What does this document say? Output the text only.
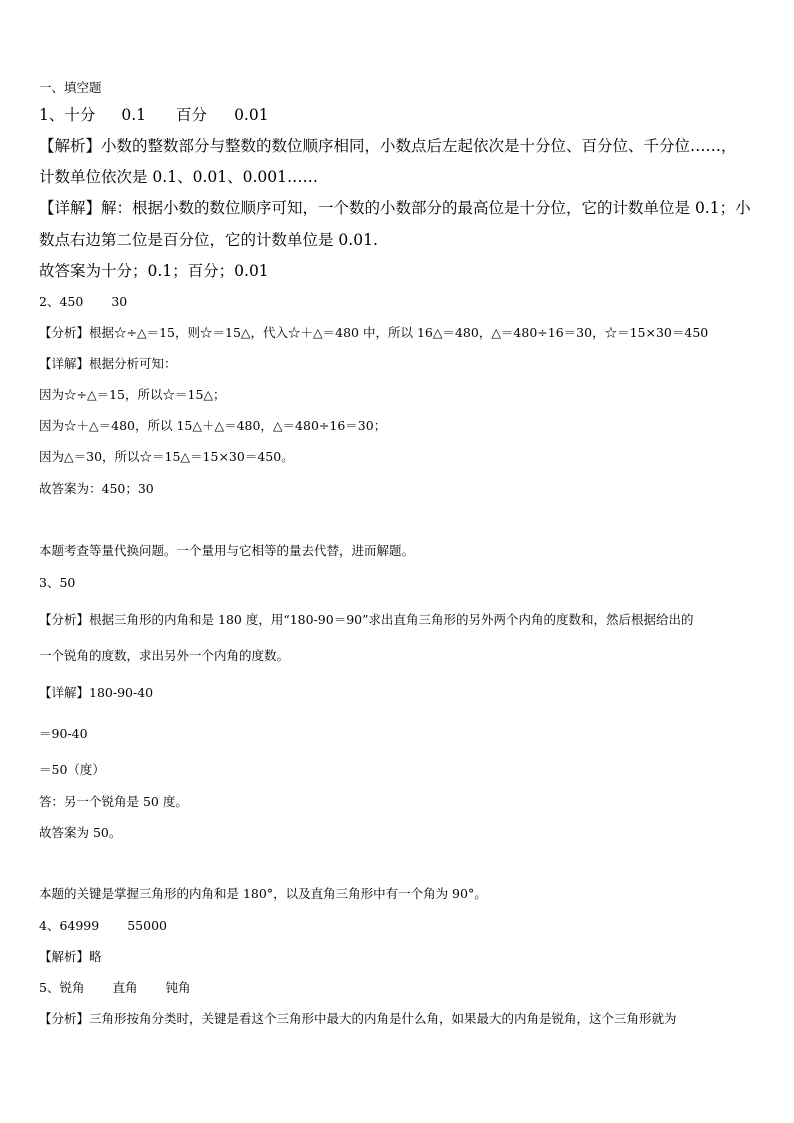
一、填空题
1、十分 0.1 百分 0.01
【解析】小数的整数部分与整数的数位顺序相同，小数点后左起依次是十分位、百分位、千分位……，
计数单位依次是 0.1、0.01、0.001……
【详解】解：根据小数的数位顺序可知，一个数的小数部分的最高位是十分位，它的计数单位是 0.1；小
数点右边第二位是百分位，它的计数单位是 0.01.
故答案为十分；0.1；百分；0.01
2、450 30
【分析】根据☆÷△＝15，则☆＝15△，代入☆＋△＝480 中，所以 16△＝480，△＝480÷16＝30，☆＝15×30＝450
【详解】根据分析可知：
因为☆÷△＝15，所以☆＝15△；
因为☆＋△＝480，所以 15△＋△＝480，△＝480÷16＝30；
因为△＝30，所以☆＝15△＝15×30＝450。
故答案为：450；30
本题考查等量代换问题。一个量用与它相等的量去代替，进而解题。
3、50
【分析】根据三角形的内角和是 180 度，用“180-90＝90”求出直角三角形的另外两个内角的度数和，然后根据给出的
一个锐角的度数，求出另外一个内角的度数。
【详解】180-90-40
＝90-40
＝50（度）
答：另一个锐角是 50 度。
故答案为 50。
本题的关键是掌握三角形的内角和是 180°，以及直角三角形中有一个角为 90°。
4、64999 55000
【解析】略
5、锐角 直角 钝角
【分析】三角形按角分类时，关键是看这个三角形中最大的内角是什么角，如果最大的内角是锐角，这个三角形就为
